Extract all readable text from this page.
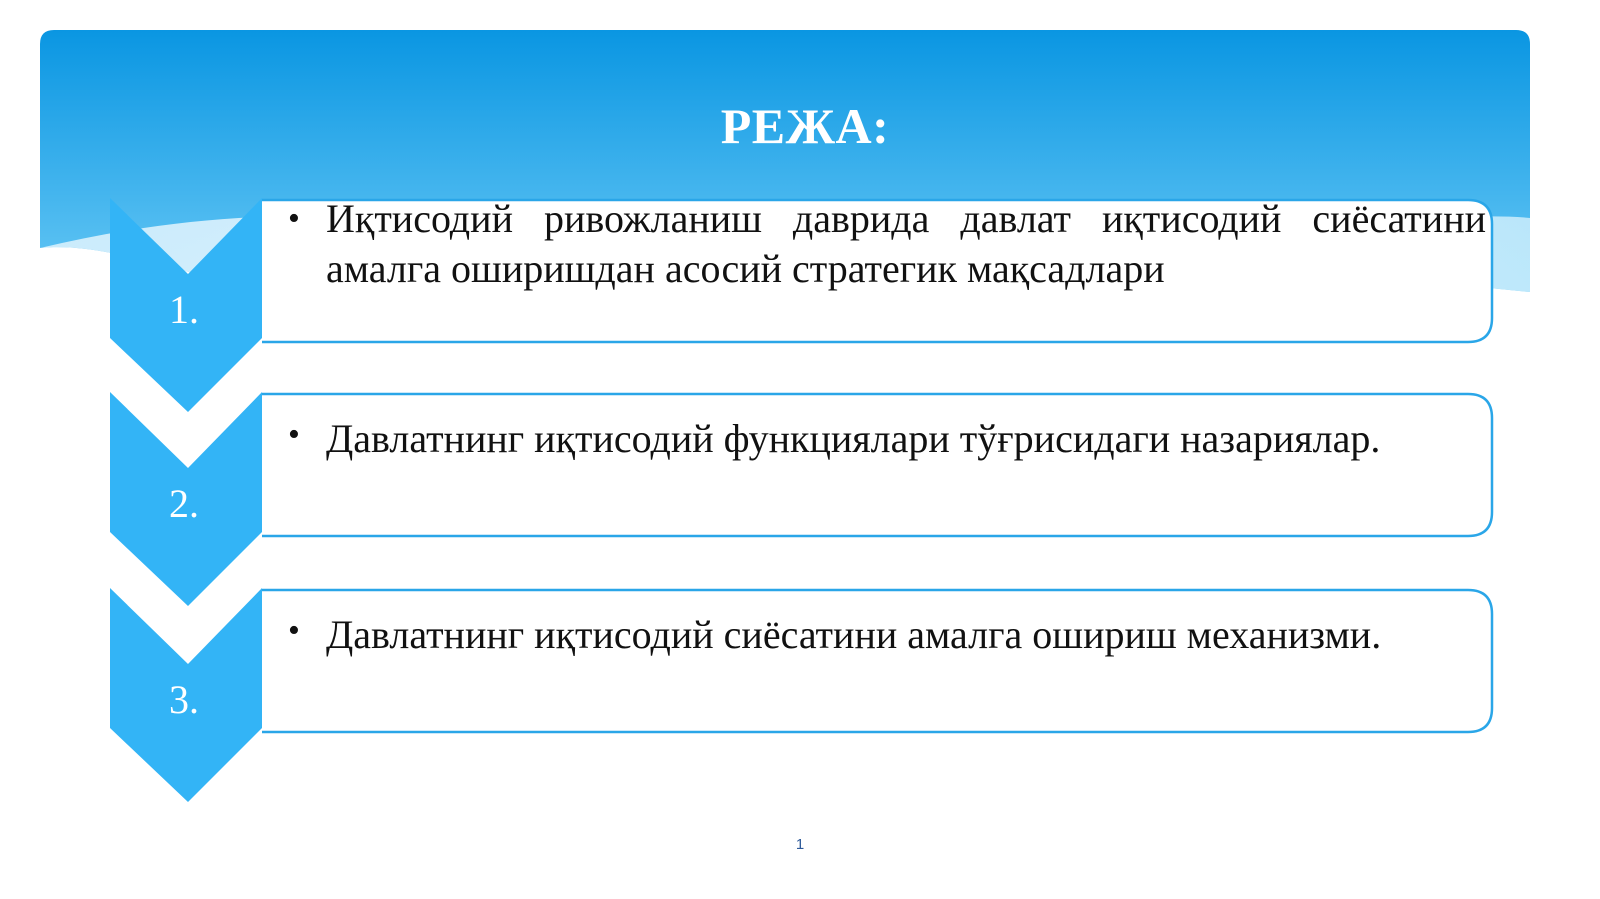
РЕЖА:
1.
• Иқтисодий ривожланиш даврида давлат иқтисодий сиёсатини амалга оширишдан асосий стратегик мақсадлари

2.
• Давлатнинг иқтисодий функциялари тўғрисидаги назариялар.

3.
• Давлатнинг иқтисодий сиёсатини амалга ошириш механизми.

1
